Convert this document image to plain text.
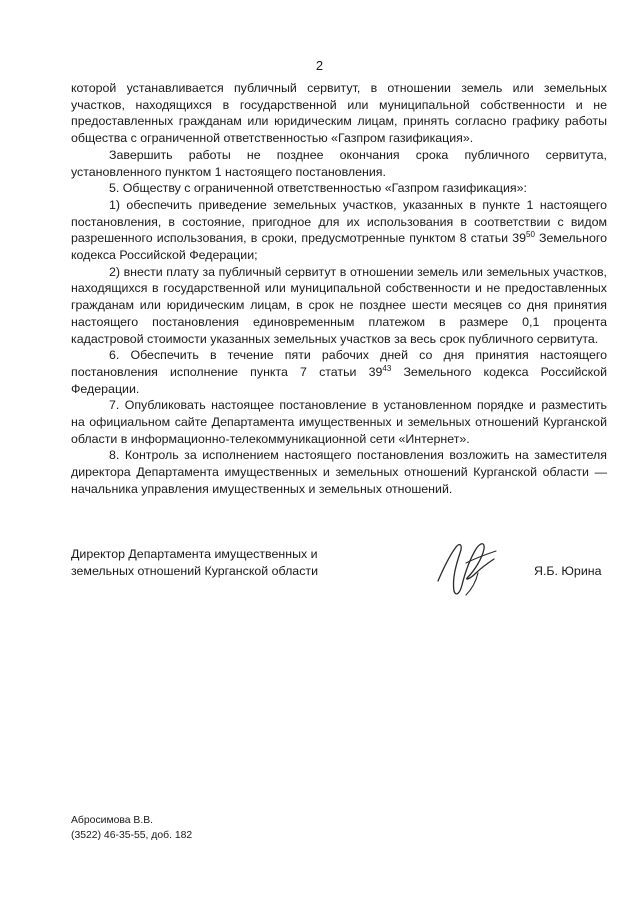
2

которой устанавливается публичный сервитут, в отношении земель или земельных участков, находящихся в государственной или муниципальной собственности и не предоставленных гражданам или юридическим лицам, принять согласно графику работы общества с ограниченной ответственностью «Газпром газификация».

Завершить работы не позднее окончания срока публичного сервитута, установленного пунктом 1 настоящего постановления.

5. Обществу с ограниченной ответственностью «Газпром газификация»:

1) обеспечить приведение земельных участков, указанных в пункте 1 настоящего постановления, в состояние, пригодное для их использования в соответствии с видом разрешенного использования, в сроки, предусмотренные пунктом 8 статьи $39^{50}$ Земельного кодекса Российской Федерации;

2) внести плату за публичный сервитут в отношении земель или земельных участков, находящихся в государственной или муниципальной собственности и не предоставленных гражданам или юридическим лицам, в срок не позднее шести месяцев со дня принятия настоящего постановления единовременным платежом в размере 0,1 процента кадастровой стоимости указанных земельных участков за весь срок публичного сервитута.

6. Обеспечить в течение пяти рабочих дней со дня принятия настоящего постановления исполнение пункта 7 статьи $39^{43}$ Земельного кодекса Российской Федерации.

7. Опубликовать настоящее постановление в установленном порядке и разместить на официальном сайте Департамента имущественных и земельных отношений Курганской области в информационно-телекоммуникационной сети «Интернет».

8. Контроль за исполнением настоящего постановления возложить на заместителя директора Департамента имущественных и земельных отношений Курганской области — начальника управления имущественных и земельных отношений.

Директор Департамента имущественных и
земельных отношений Курганской области	Я.Б. Юрина
Абросимова В.В.
(3522) 46-35-55, доб. 182
